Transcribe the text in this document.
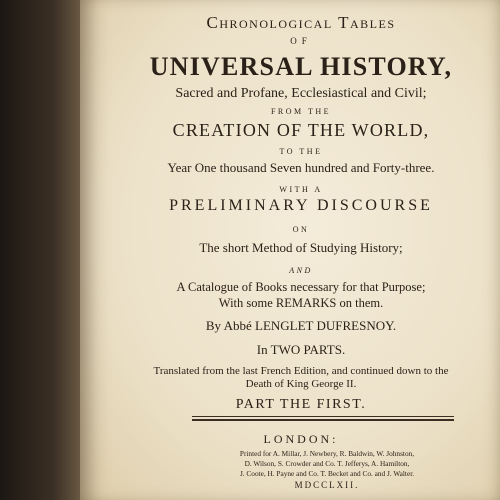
Chronological Tables
OF
UNIVERSAL HISTORY,
Sacred and Profane, Ecclesiastical and Civil;
FROM THE
CREATION OF THE WORLD,
TO THE
Year One thousand Seven hundred and Forty-three.
WITH A
PRELIMINARY DISCOURSE
ON
The short Method of Studying History;
AND
A Catalogue of Books necessary for that Purpose;
With some REMARKS on them.
By Abbé LENGLET DUFRESNOY.
In TWO PARTS.
Translated from the last French Edition, and continued down to the
Death of King George II.
PART THE FIRST.
LONDON:
Printed for A. Millar, J. Newbery, R. Baldwin, W. Johnston,
D. Wilson, S. Crowder and Co. T. Jefferys, A. Hamilton,
J. Coote, H. Payne and Co. T. Becket and Co. and J. Walter.
MDCCLXII.
